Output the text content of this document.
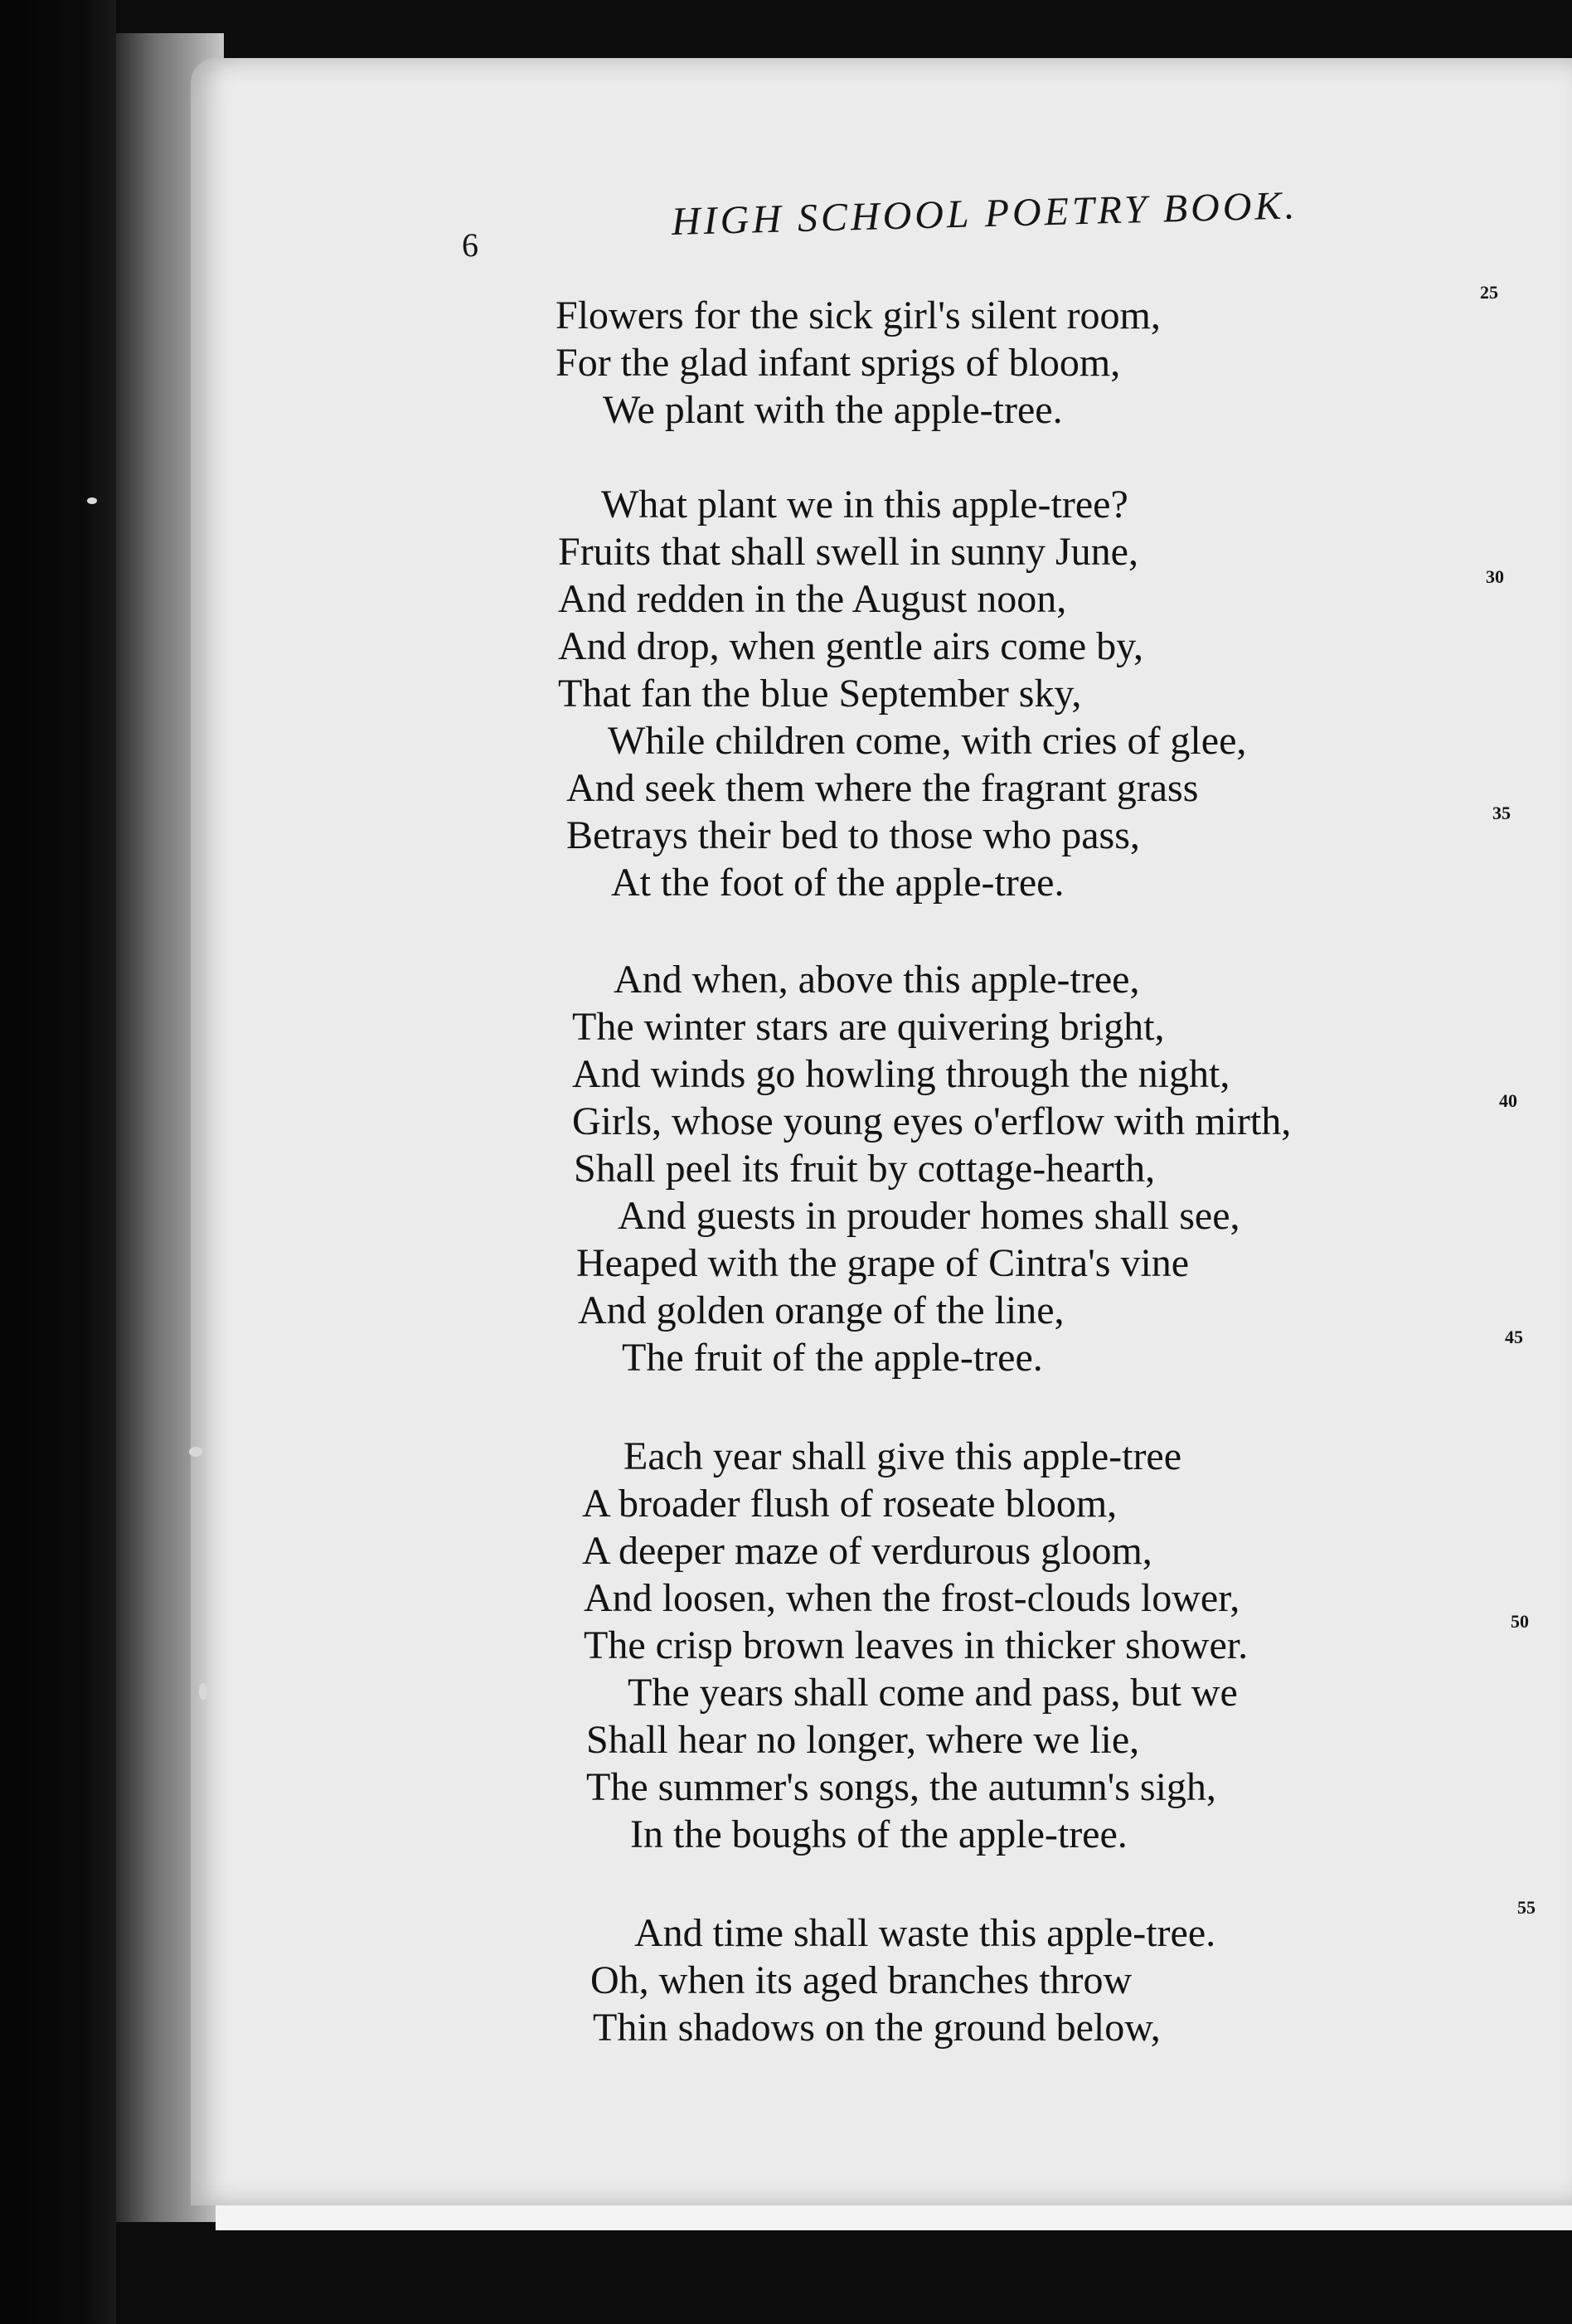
6
HIGH SCHOOL POETRY BOOK.
Flowers for the sick girl's silent room,
For the glad infant sprigs of bloom,
We plant with the apple-tree.
What plant we in this apple-tree?
Fruits that shall swell in sunny June,
And redden in the August noon,
And drop, when gentle airs come by,
That fan the blue September sky,
While children come, with cries of glee,
And seek them where the fragrant grass
Betrays their bed to those who pass,
At the foot of the apple-tree.
And when, above this apple-tree,
The winter stars are quivering bright,
And winds go howling through the night,
Girls, whose young eyes o'erflow with mirth,
Shall peel its fruit by cottage-hearth,
And guests in prouder homes shall see,
Heaped with the grape of Cintra's vine
And golden orange of the line,
The fruit of the apple-tree.
Each year shall give this apple-tree
A broader flush of roseate bloom,
A deeper maze of verdurous gloom,
And loosen, when the frost-clouds lower,
The crisp brown leaves in thicker shower.
The years shall come and pass, but we
Shall hear no longer, where we lie,
The summer's songs, the autumn's sigh,
In the boughs of the apple-tree.
And time shall waste this apple-tree.
Oh, when its aged branches throw
Thin shadows on the ground below,
25
30
35
40
45
50
55
